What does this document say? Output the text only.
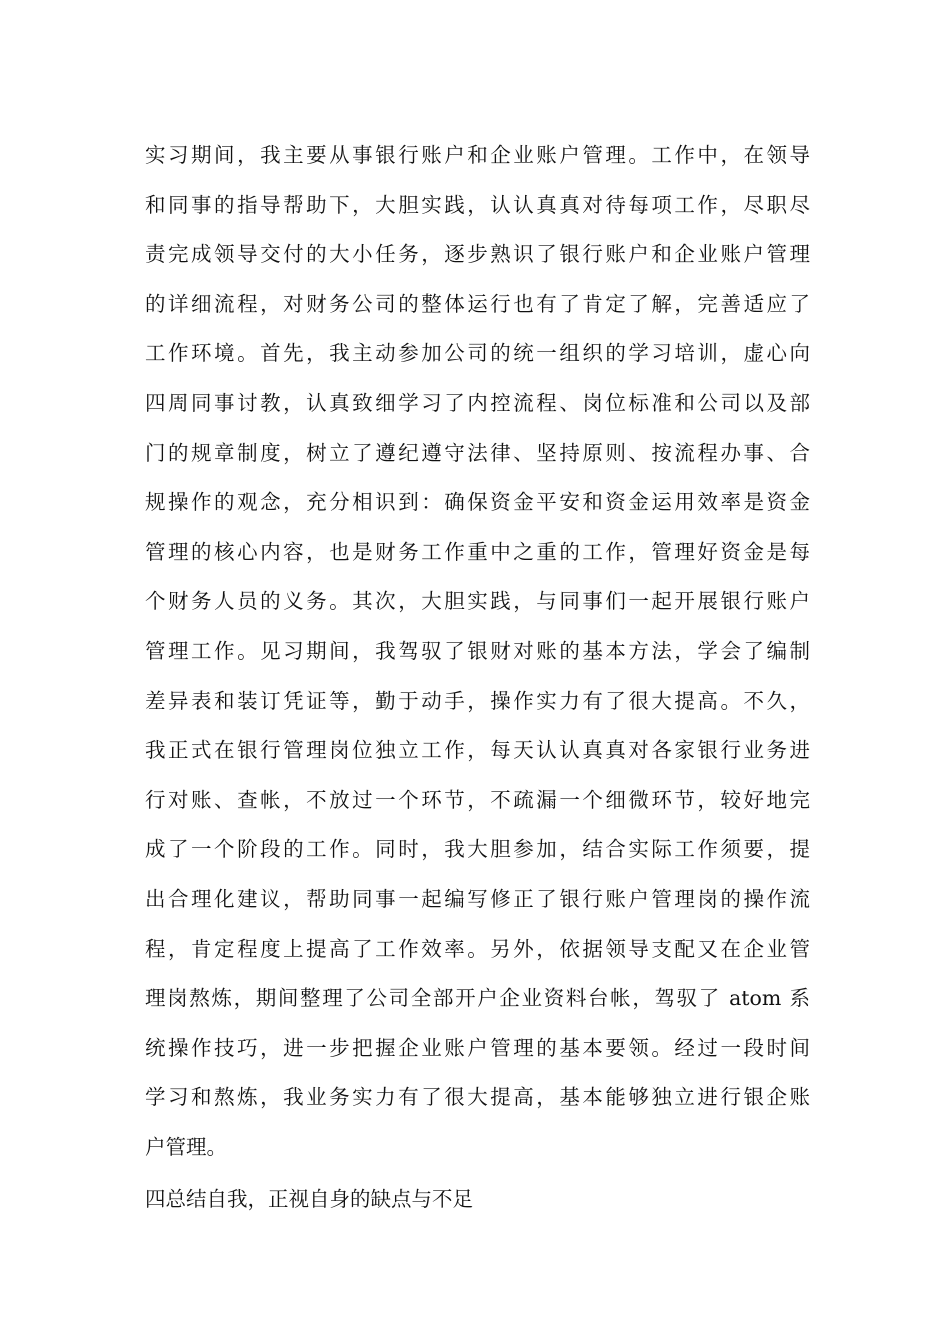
实习期间，我主要从事银行账户和企业账户管理。工作中，在领导
和同事的指导帮助下，大胆实践，认认真真对待每项工作，尽职尽
责完成领导交付的大小任务，逐步熟识了银行账户和企业账户管理
的详细流程，对财务公司的整体运行也有了肯定了解，完善适应了
工作环境。首先，我主动参加公司的统一组织的学习培训，虚心向
四周同事讨教，认真致细学习了内控流程、岗位标准和公司以及部
门的规章制度，树立了遵纪遵守法律、坚持原则、按流程办事、合
规操作的观念，充分相识到：确保资金平安和资金运用效率是资金
管理的核心内容，也是财务工作重中之重的工作，管理好资金是每
个财务人员的义务。其次，大胆实践，与同事们一起开展银行账户
管理工作。见习期间，我驾驭了银财对账的基本方法，学会了编制
差异表和装订凭证等，勤于动手，操作实力有了很大提高。不久，
我正式在银行管理岗位独立工作，每天认认真真对各家银行业务进
行对账、查帐，不放过一个环节，不疏漏一个细微环节，较好地完
成了一个阶段的工作。同时，我大胆参加，结合实际工作须要，提
出合理化建议，帮助同事一起编写修正了银行账户管理岗的操作流
程，肯定程度上提高了工作效率。另外，依据领导支配又在企业管
理岗熬炼，期间整理了公司全部开户企业资料台帐，驾驭了 atom 系
统操作技巧，进一步把握企业账户管理的基本要领。经过一段时间
学习和熬炼，我业务实力有了很大提高，基本能够独立进行银企账
户管理。
四总结自我，正视自身的缺点与不足
